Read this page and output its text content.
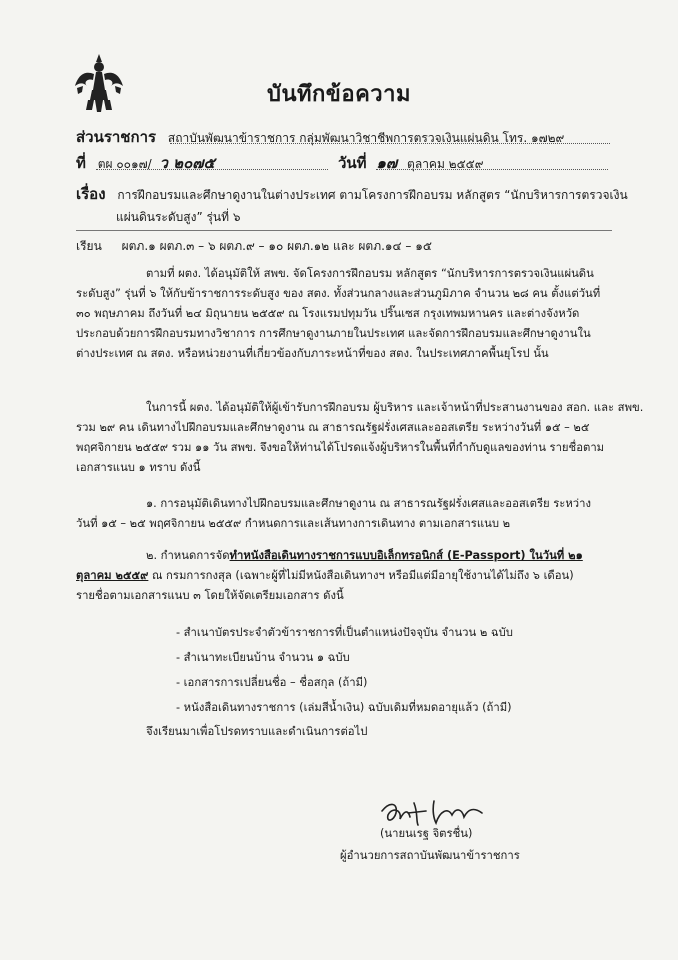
บันทึกข้อความ
ส่วนราชการ สถาบันพัฒนาข้าราชการ กลุ่มพัฒนาวิชาชีพการตรวจเงินแผ่นดิน โทร. ๑๗๒๙
ที่ ตผ ๐๐๑๗/ ว ๒๐๗๕	วันที่ ๑๗ ตุลาคม ๒๕๕๙
เรื่อง การฝึกอบรมและศึกษาดูงานในต่างประเทศ ตามโครงการฝึกอบรม หลักสูตร “นักบริหารการตรวจเงิน
แผ่นดินระดับสูง” รุ่นที่ ๖
เรียน ผตภ.๑ ผตภ.๓ – ๖ ผตภ.๙ – ๑๐ ผตภ.๑๒ และ ผตภ.๑๔ – ๑๕
ตามที่ ผตง. ได้อนุมัติให้ สพข. จัดโครงการฝึกอบรม หลักสูตร “นักบริหารการตรวจเงินแผ่นดิน
ระดับสูง” รุ่นที่ ๖ ให้กับข้าราชการระดับสูง ของ สตง. ทั้งส่วนกลางและส่วนภูมิภาค จำนวน ๒๘ คน ตั้งแต่วันที่
๓๐ พฤษภาคม ถึงวันที่ ๒๔ มิถุนายน ๒๕๕๙ ณ โรงแรมปทุมวัน ปริ๊นเซส กรุงเทพมหานคร และต่างจังหวัด
ประกอบด้วยการฝึกอบรมทางวิชาการ การศึกษาดูงานภายในประเทศ และจัดการฝึกอบรมและศึกษาดูงานใน
ต่างประเทศ ณ สตง. หรือหน่วยงานที่เกี่ยวข้องกับภาระหน้าที่ของ สตง. ในประเทศภาคพื้นยุโรป นั้น
ในการนี้ ผตง. ได้อนุมัติให้ผู้เข้ารับการฝึกอบรม ผู้บริหาร และเจ้าหน้าที่ประสานงานของ สอก. และ สพข.
รวม ๒๙ คน เดินทางไปฝึกอบรมและศึกษาดูงาน ณ สาธารณรัฐฝรั่งเศสและออสเตรีย ระหว่างวันที่ ๑๕ – ๒๕
พฤศจิกายน ๒๕๕๙ รวม ๑๑ วัน สพข. จึงขอให้ท่านได้โปรดแจ้งผู้บริหารในพื้นที่กำกับดูแลของท่าน รายชื่อตาม
เอกสารแนบ ๑ ทราบ ดังนี้
๑. การอนุมัติเดินทางไปฝึกอบรมและศึกษาดูงาน ณ สาธารณรัฐฝรั่งเศสและออสเตรีย ระหว่าง
วันที่ ๑๕ – ๒๕ พฤศจิกายน ๒๕๕๙ กำหนดการและเส้นทางการเดินทาง ตามเอกสารแนบ ๒
๒. กำหนดการจัดทำหนังสือเดินทางราชการแบบอิเล็กทรอนิกส์ (E-Passport) ในวันที่ ๒๑
ตุลาคม ๒๕๕๙ ณ กรมการกงสุล (เฉพาะผู้ที่ไม่มีหนังสือเดินทางฯ หรือมีแต่มีอายุใช้งานได้ไม่ถึง ๖ เดือน)
รายชื่อตามเอกสารแนบ ๓ โดยให้จัดเตรียมเอกสาร ดังนี้
- สำเนาบัตรประจำตัวข้าราชการที่เป็นตำแหน่งปัจจุบัน จำนวน ๒ ฉบับ
- สำเนาทะเบียนบ้าน จำนวน ๑ ฉบับ
- เอกสารการเปลี่ยนชื่อ – ชื่อสกุล (ถ้ามี)
- หนังสือเดินทางราชการ (เล่มสีน้ำเงิน) ฉบับเดิมที่หมดอายุแล้ว (ถ้ามี)
จึงเรียนมาเพื่อโปรดทราบและดำเนินการต่อไป
(นายนเรฐ จิตรชื่น)
ผู้อำนวยการสถาบันพัฒนาข้าราชการ
